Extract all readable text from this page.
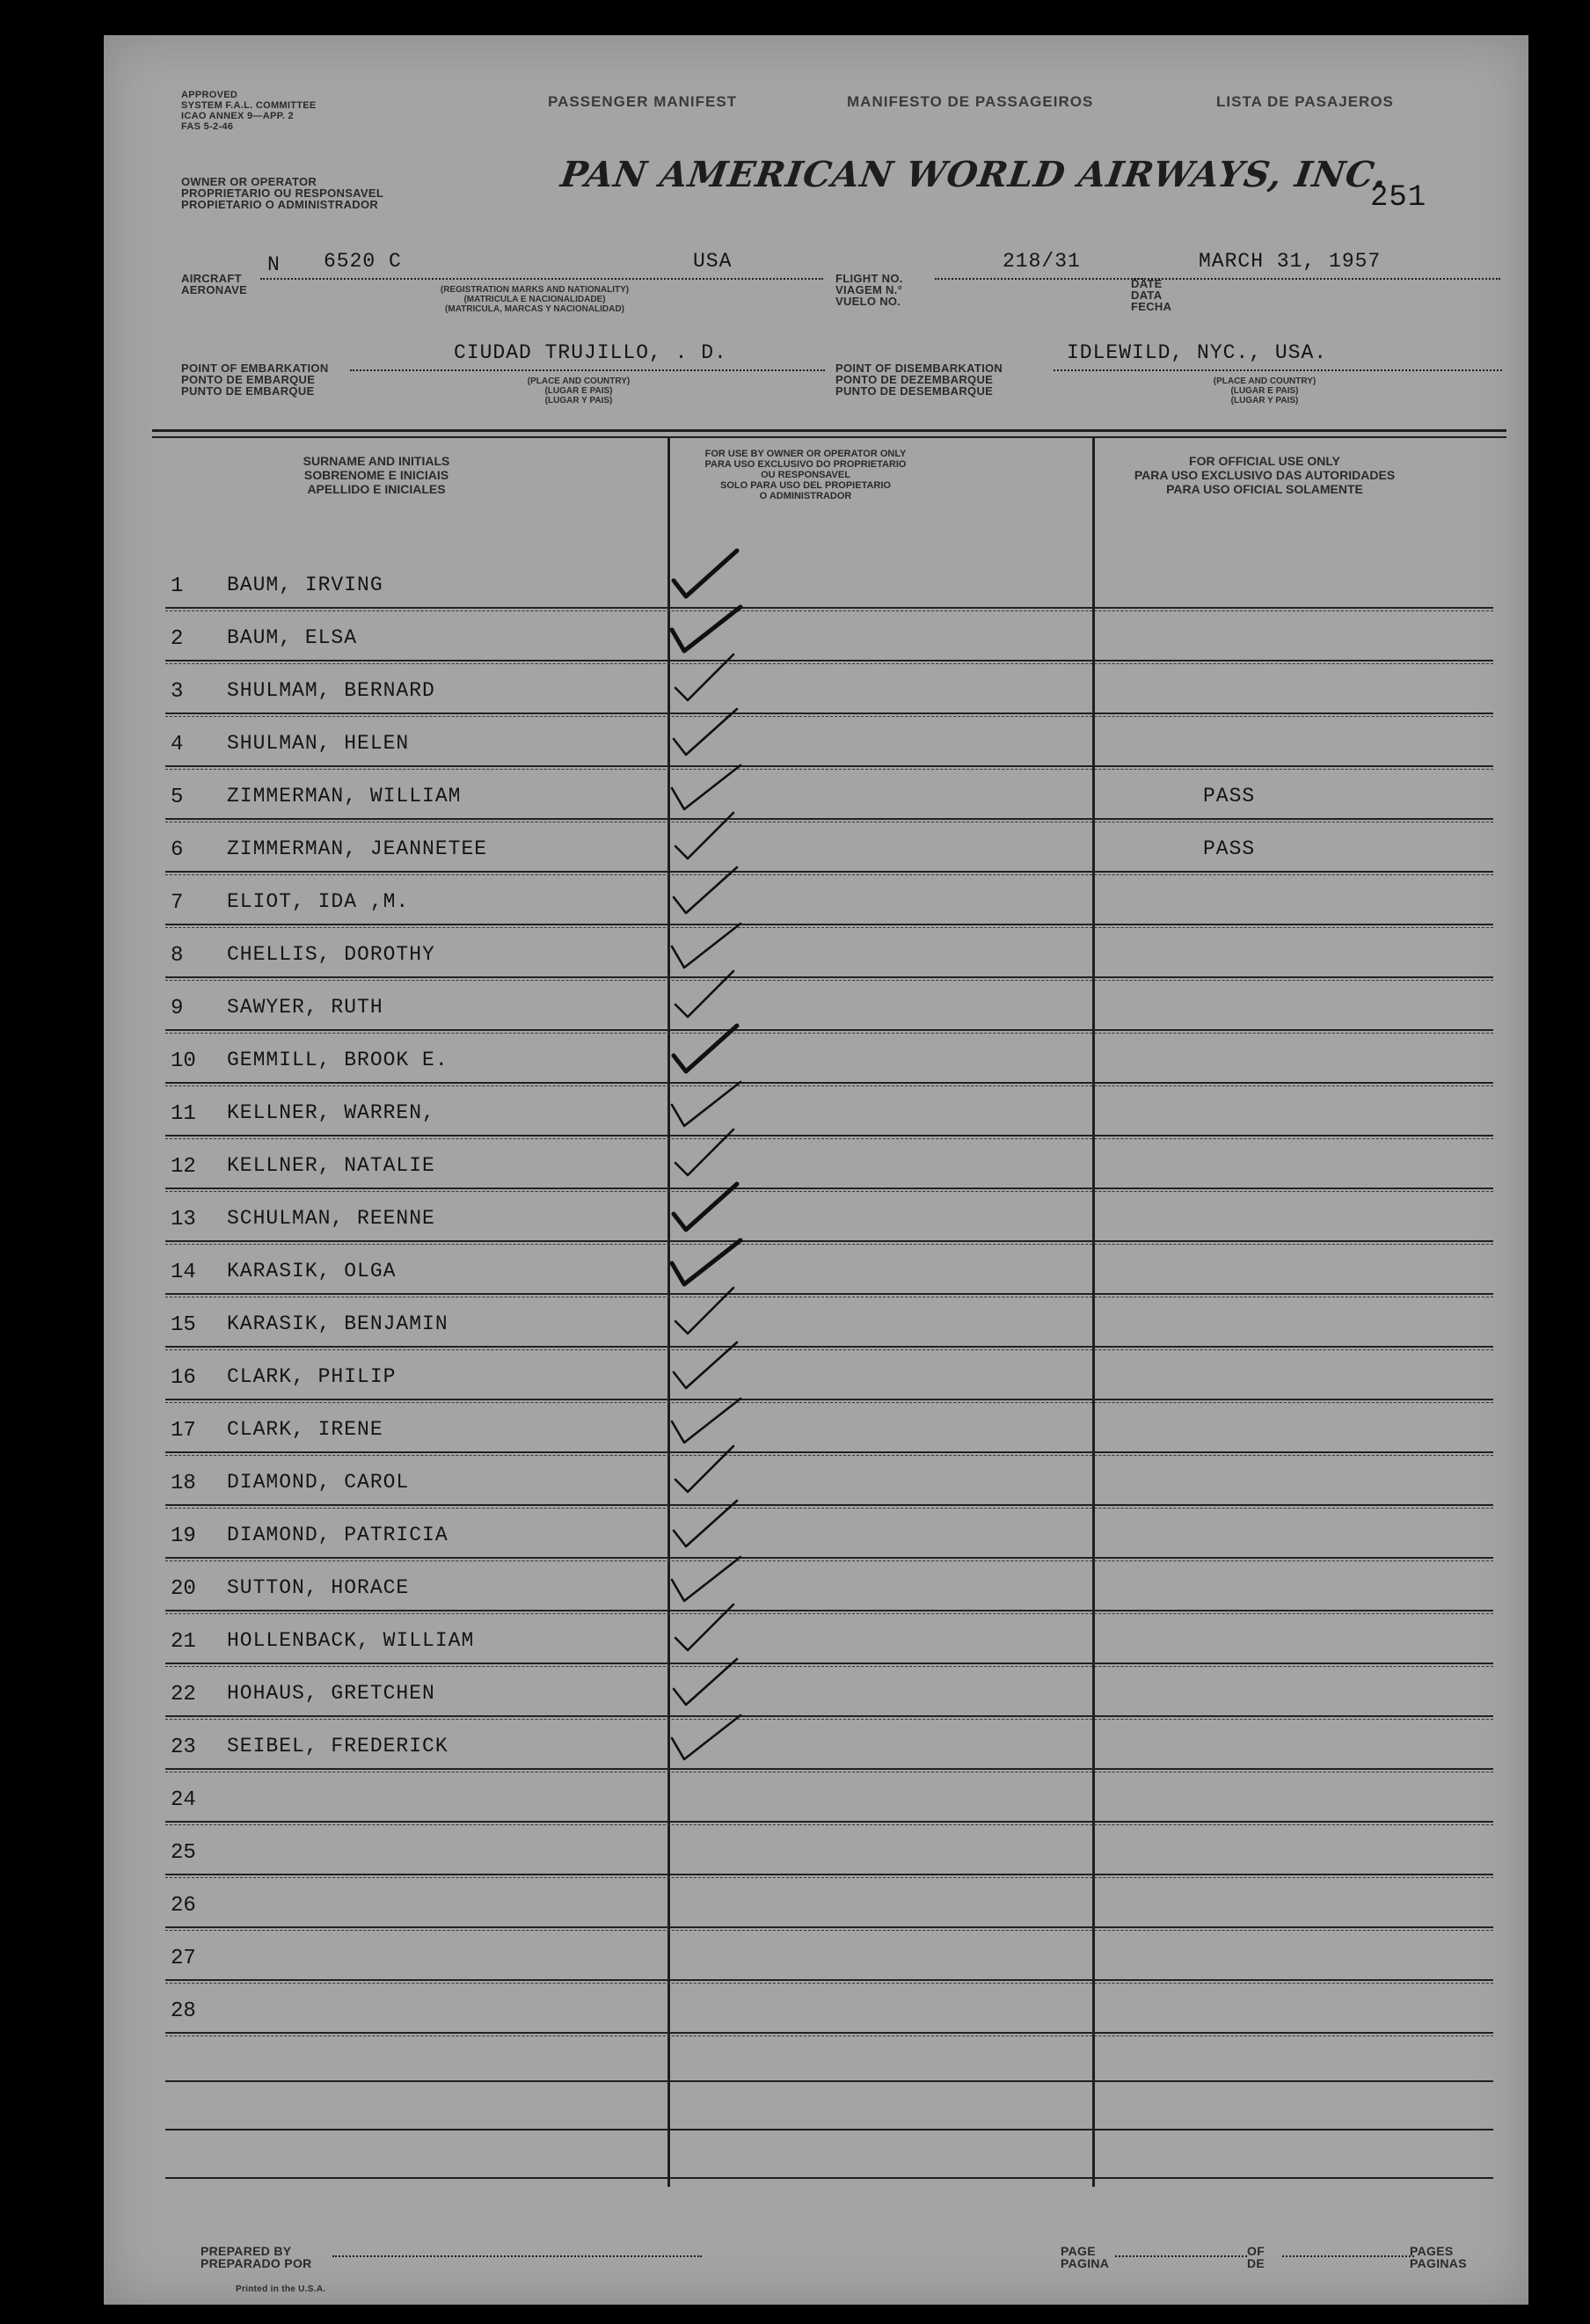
APPROVED
SYSTEM F.A.L. COMMITTEE
ICAO ANNEX 9—APP. 2
FAS 5-2-46
OWNER OR OPERATOR
PROPRIETARIO OU RESPONSAVEL
PROPIETARIO O ADMINISTRADOR
PASSENGER MANIFEST	MANIFESTO DE PASSAGEIROS	LISTA DE PASAJEROS
PAN AMERICAN WORLD AIRWAYS, INC.
251
AIRCRAFT
AERONAVE
N 6520 C	USA
(REGISTRATION MARKS AND NATIONALITY)
(MATRICULA E NACIONALIDADE)
(MATRICULA, MARCAS Y NACIONALIDAD)
FLIGHT NO.
VIAGEM N.°
VUELO NO.
218/31
DATE
DATA
FECHA
MARCH 31, 1957
POINT OF EMBARKATION
PONTO DE EMBARQUE
PUNTO DE EMBARQUE
CIUDAD TRUJILLO, . D.
(PLACE AND COUNTRY)
(LUGAR E PAIS)
(LUGAR Y PAIS)
POINT OF DISEMBARKATION
PONTO DE DEZEMBARQUE
PUNTO DE DESEMBARQUE
IDLEWILD, NYC., USA.
(PLACE AND COUNTRY)
(LUGAR E PAIS)
(LUGAR Y PAIS)
SURNAME AND INITIALS
SOBRENOME E INICIAIS
APELLIDO E INICIALES
FOR USE BY OWNER OR OPERATOR ONLY
PARA USO EXCLUSIVO DO PROPRIETARIO
OU RESPONSAVEL
SOLO PARA USO DEL PROPIETARIO
O ADMINISTRADOR
FOR OFFICIAL USE ONLY
PARA USO EXCLUSIVO DAS AUTORIDADES
PARA USO OFICIAL SOLAMENTE
1	BAUM, IRVING
2	BAUM, ELSA
3	SHULMAM, BERNARD
4	SHULMAN, HELEN
5	ZIMMERMAN, WILLIAM	PASS
6	ZIMMERMAN, JEANNETEE	PASS
7	ELIOT, IDA ,M.
8	CHELLIS, DOROTHY
9	SAWYER, RUTH
10	GEMMILL, BROOK E.
11	KELLNER, WARREN,
12	KELLNER, NATALIE
13	SCHULMAN, REENNE
14	KARASIK, OLGA
15	KARASIK, BENJAMIN
16	CLARK, PHILIP
17	CLARK, IRENE
18	DIAMOND, CAROL
19	DIAMOND, PATRICIA
20	SUTTON, HORACE
21	HOLLENBACK, WILLIAM
22	HOHAUS, GRETCHEN
23	SEIBEL, FREDERICK
24
25
26
27
28
PREPARED BY
PREPARADO POR
Printed in the U.S.A.
PAGE
PAGINA
OF
DE
PAGES
PAGINAS
